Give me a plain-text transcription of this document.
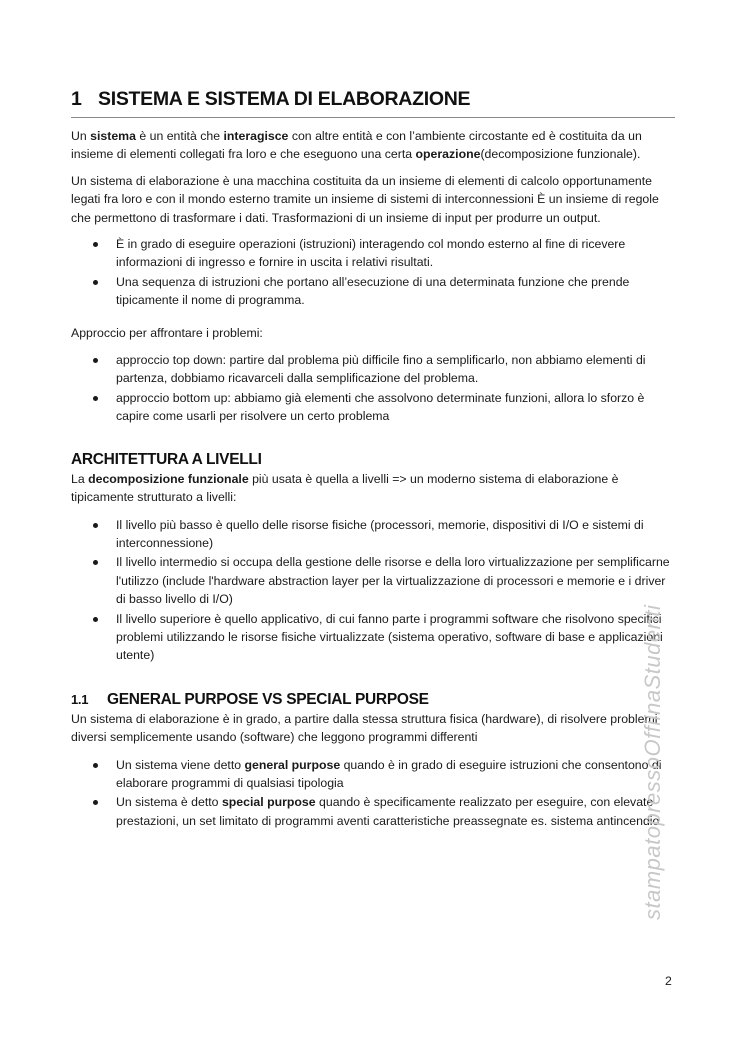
1 SISTEMA E SISTEMA DI ELABORAZIONE

Un sistema è un entità che interagisce con altre entità e con l’ambiente circostante ed è costituita da un insieme di elementi collegati fra loro e che eseguono una certa operazione(decomposizione funzionale).

Un sistema di elaborazione è una macchina costituita da un insieme di elementi di calcolo opportunamente legati fra loro e con il mondo esterno tramite un insieme di sistemi di interconnessioni È un insieme di regole che permettono di trasformare i dati. Trasformazioni di un insieme di input per produrre un output.

È in grado di eseguire operazioni (istruzioni) interagendo col mondo esterno al fine di ricevere informazioni di ingresso e fornire in uscita i relativi risultati.
Una sequenza di istruzioni che portano all’esecuzione di una determinata funzione che prende tipicamente il nome di programma.

Approccio per affrontare i problemi:

approccio top down: partire dal problema più difficile fino a semplificarlo, non abbiamo elementi di partenza, dobbiamo ricavarceli dalla semplificazione del problema.
approccio bottom up: abbiamo già elementi che assolvono determinate funzioni, allora lo sforzo è capire come usarli per risolvere un certo problema
ARCHITETTURA A LIVELLI

La decomposizione funzionale più usata è quella a livelli => un moderno sistema di elaborazione è tipicamente strutturato a livelli:

Il livello più basso è quello delle risorse fisiche (processori, memorie, dispositivi di I/O e sistemi di interconnessione)
Il livello intermedio si occupa della gestione delle risorse e della loro virtualizzazione per semplificarne l'utilizzo (include l'hardware abstraction layer per la virtualizzazione di processori e memorie e i driver di basso livello di I/O)
Il livello superiore è quello applicativo, di cui fanno parte i programmi software che risolvono specifici problemi utilizzando le risorse fisiche virtualizzate (sistema operativo, software di base e applicazioni utente)
1.1	GENERAL PURPOSE VS SPECIAL PURPOSE

Un sistema di elaborazione è in grado, a partire dalla stessa struttura fisica (hardware), di risolvere problemi diversi semplicemente usando (software) che leggono programmi differenti

Un sistema viene detto general purpose quando è in grado di eseguire istruzioni che consentono di elaborare programmi di qualsiasi tipologia
Un sistema è detto special purpose quando è specificamente realizzato per eseguire, con elevate prestazioni, un set limitato di programmi aventi caratteristiche preassegnate es. sistema antincendio
stampatopressoOffiinaStudenti
2
